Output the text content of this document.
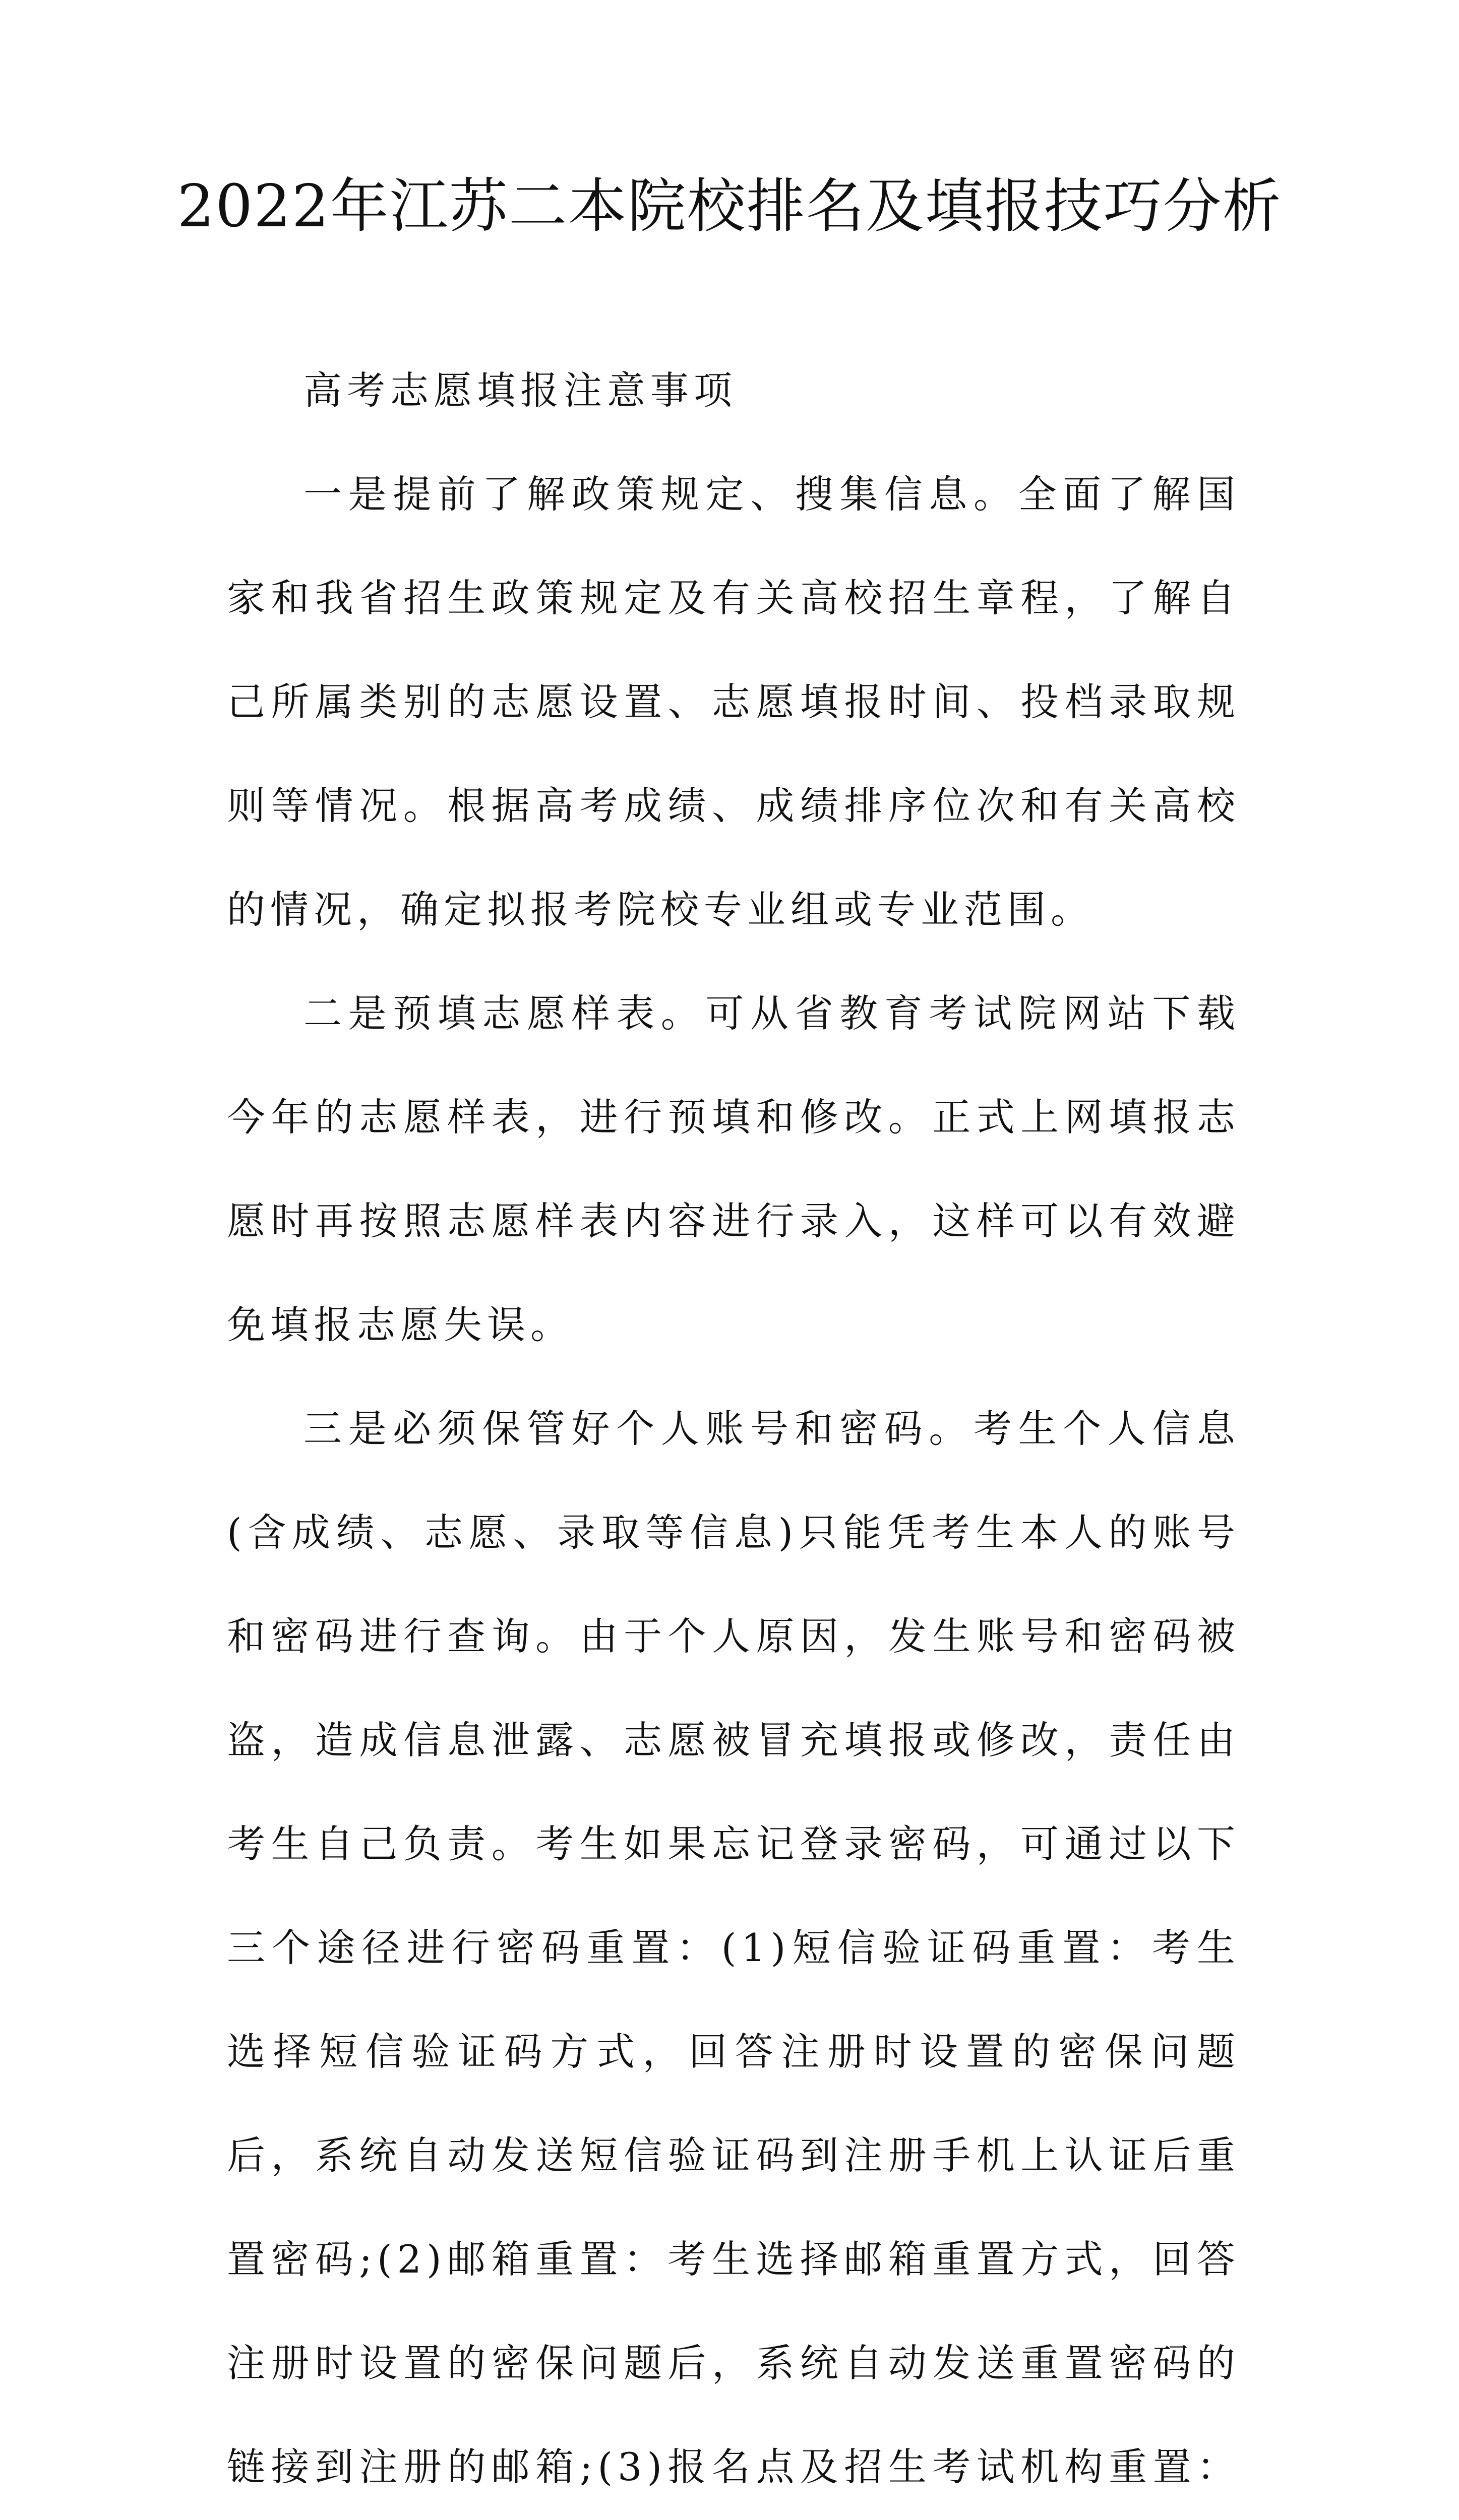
2022年江苏二本院校排名及填报技巧分析

高考志愿填报注意事项

一是提前了解政策规定、搜集信息。全面了解国家和我省招生政策规定及有关高校招生章程，了解自己所属类别的志愿设置、志愿填报时间、投档录取规则等情况。根据高考成绩、成绩排序位次和有关高校的情况，确定拟报考院校专业组或专业范围。

二是预填志愿样表。可从省教育考试院网站下载今年的志愿样表，进行预填和修改。正式上网填报志愿时再按照志愿样表内容进行录入，这样可以有效避免填报志愿失误。

三是必须保管好个人账号和密码。考生个人信息(含成绩、志愿、录取等信息)只能凭考生本人的账号和密码进行查询。由于个人原因，发生账号和密码被盗，造成信息泄露、志愿被冒充填报或修改，责任由考生自己负责。考生如果忘记登录密码，可通过以下三个途径进行密码重置：(1)短信验证码重置：考生选择短信验证码方式，回答注册时设置的密保问题后，系统自动发送短信验证码到注册手机上认证后重置密码;(2)邮箱重置：考生选择邮箱重置方式，回答注册时设置的密保问题后，系统自动发送重置密码的链接到注册的邮箱;(3)报名点及招生考试机构重置：
